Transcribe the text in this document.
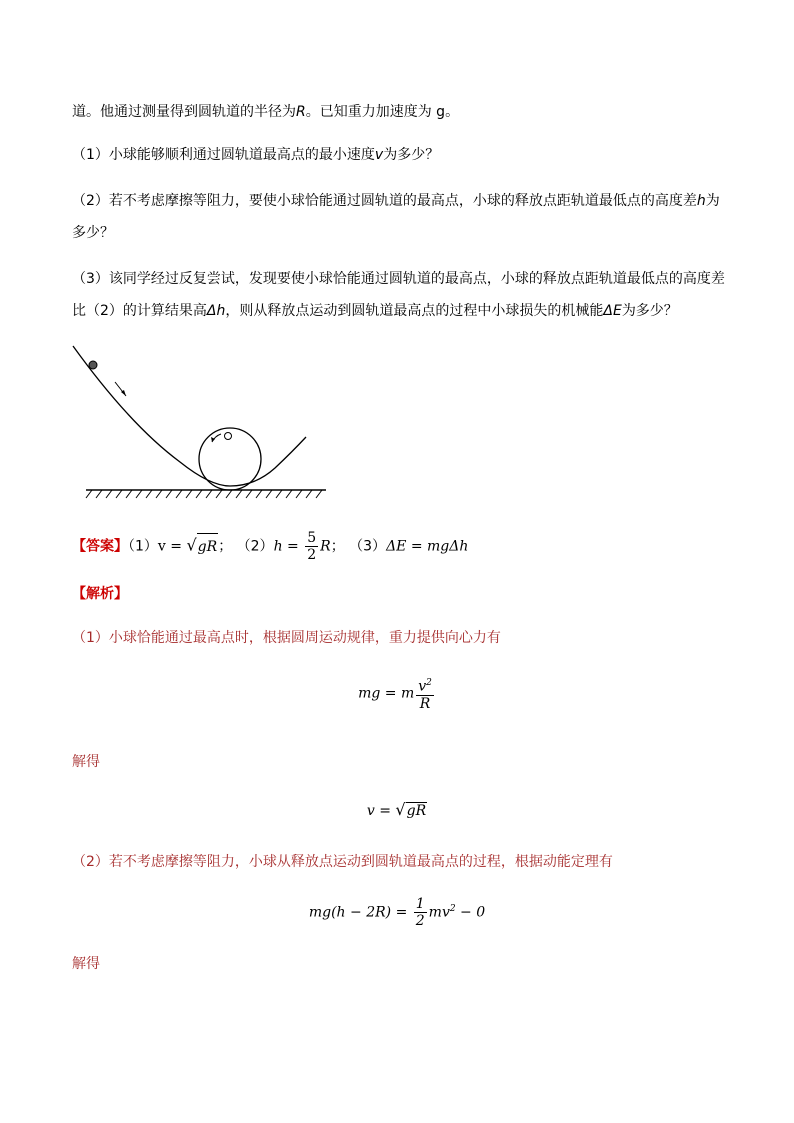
道。他通过测量得到圆轨道的半径为R。已知重力加速度为 g。
（1）小球能够顺利通过圆轨道最高点的最小速度v为多少？
（2）若不考虑摩擦等阻力，要使小球恰能通过圆轨道的最高点，小球的释放点距轨道最低点的高度差h为
多少？
（3）该同学经过反复尝试，发现要使小球恰能通过圆轨道的最高点，小球的释放点距轨道最低点的高度差
比（2）的计算结果高Δh，则从释放点运动到圆轨道最高点的过程中小球损失的机械能ΔE为多少？
【答案】（1）v = √gR； $(2)h = \frac{5}{2}$ R； （3）ΔE = mgΔh
【解析】
（1）小球恰能通过最高点时，根据圆周运动规律，重力提供向心力有
mg = m $\frac{v^2}{R}$
解得
v = √gR
（2）若不考虑摩擦等阻力，小球从释放点运动到圆轨道最高点的过程，根据动能定理有
$mg(h - 2R) = \frac{1}{2} mv^2 - 0$
解得
